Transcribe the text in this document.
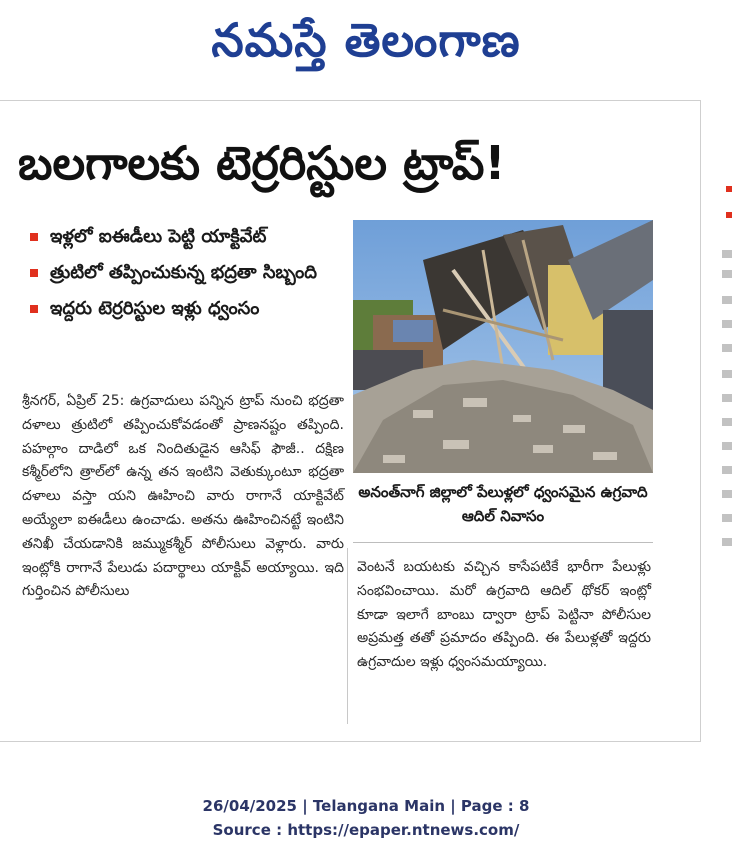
నమస్తే తెలంగాణ
బలగాలకు టెర్రరిస్టుల ట్రాప్!
ఇళ్లలో ఐఈడీలు పెట్టి యాక్టివేట్
త్రుటిలో తప్పించుకున్న భద్రతా సిబ్బంది
ఇద్దరు టెర్రరిస్టుల ఇళ్లు ధ్వంసం
అనంత్‌నాగ్ జిల్లాలో పేలుళ్లలో ధ్వంసమైన ఉగ్రవాది ఆదిల్ నివాసం

శ్రీనగర్, ఏప్రిల్ 25: ఉగ్రవాదులు పన్నిన ట్రాప్ నుంచి భద్రతా దళాలు త్రుటిలో తప్పించుకోవడంతో ప్రాణనష్టం తప్పింది. పహల్గాం దాడిలో ఒక నిందితుడైన ఆసిఫ్ ఫౌజీ.. దక్షిణ కశ్మీర్‌లోని త్రాల్‌లో ఉన్న తన ఇంటిని వెతుక్కుంటూ భద్రతా దళాలు వస్తా యని ఊహించి వారు రాగానే యాక్టివేట్ అయ్యేలా ఐఈడీలు ఉంచాడు. అతను ఊహించినట్టే ఇంటిని తనిఖీ చేయడానికి జమ్ముకశ్మీర్ పోలీసులు వెళ్లారు. వారు ఇంట్లోకి రాగానే పేలుడు పదార్థాలు యాక్టివ్ అయ్యాయి. ఇది గుర్తించిన పోలీసులు

వెంటనే బయటకు వచ్చిన కాసేపటికే భారీగా పేలుళ్లు సంభవించాయి. మరో ఉగ్రవాది ఆదిల్ థోకర్ ఇంట్లో కూడా ఇలాగే బాంబు ద్వారా ట్రాప్ పెట్టినా పోలీసుల అప్రమత్త తతో ప్రమాదం తప్పింది. ఈ పేలుళ్లతో ఇద్దరు ఉగ్రవాదుల ఇళ్లు ధ్వంసమయ్యాయి.

26/04/2025 | Telangana Main | Page : 8
Source : https://epaper.ntnews.com/
